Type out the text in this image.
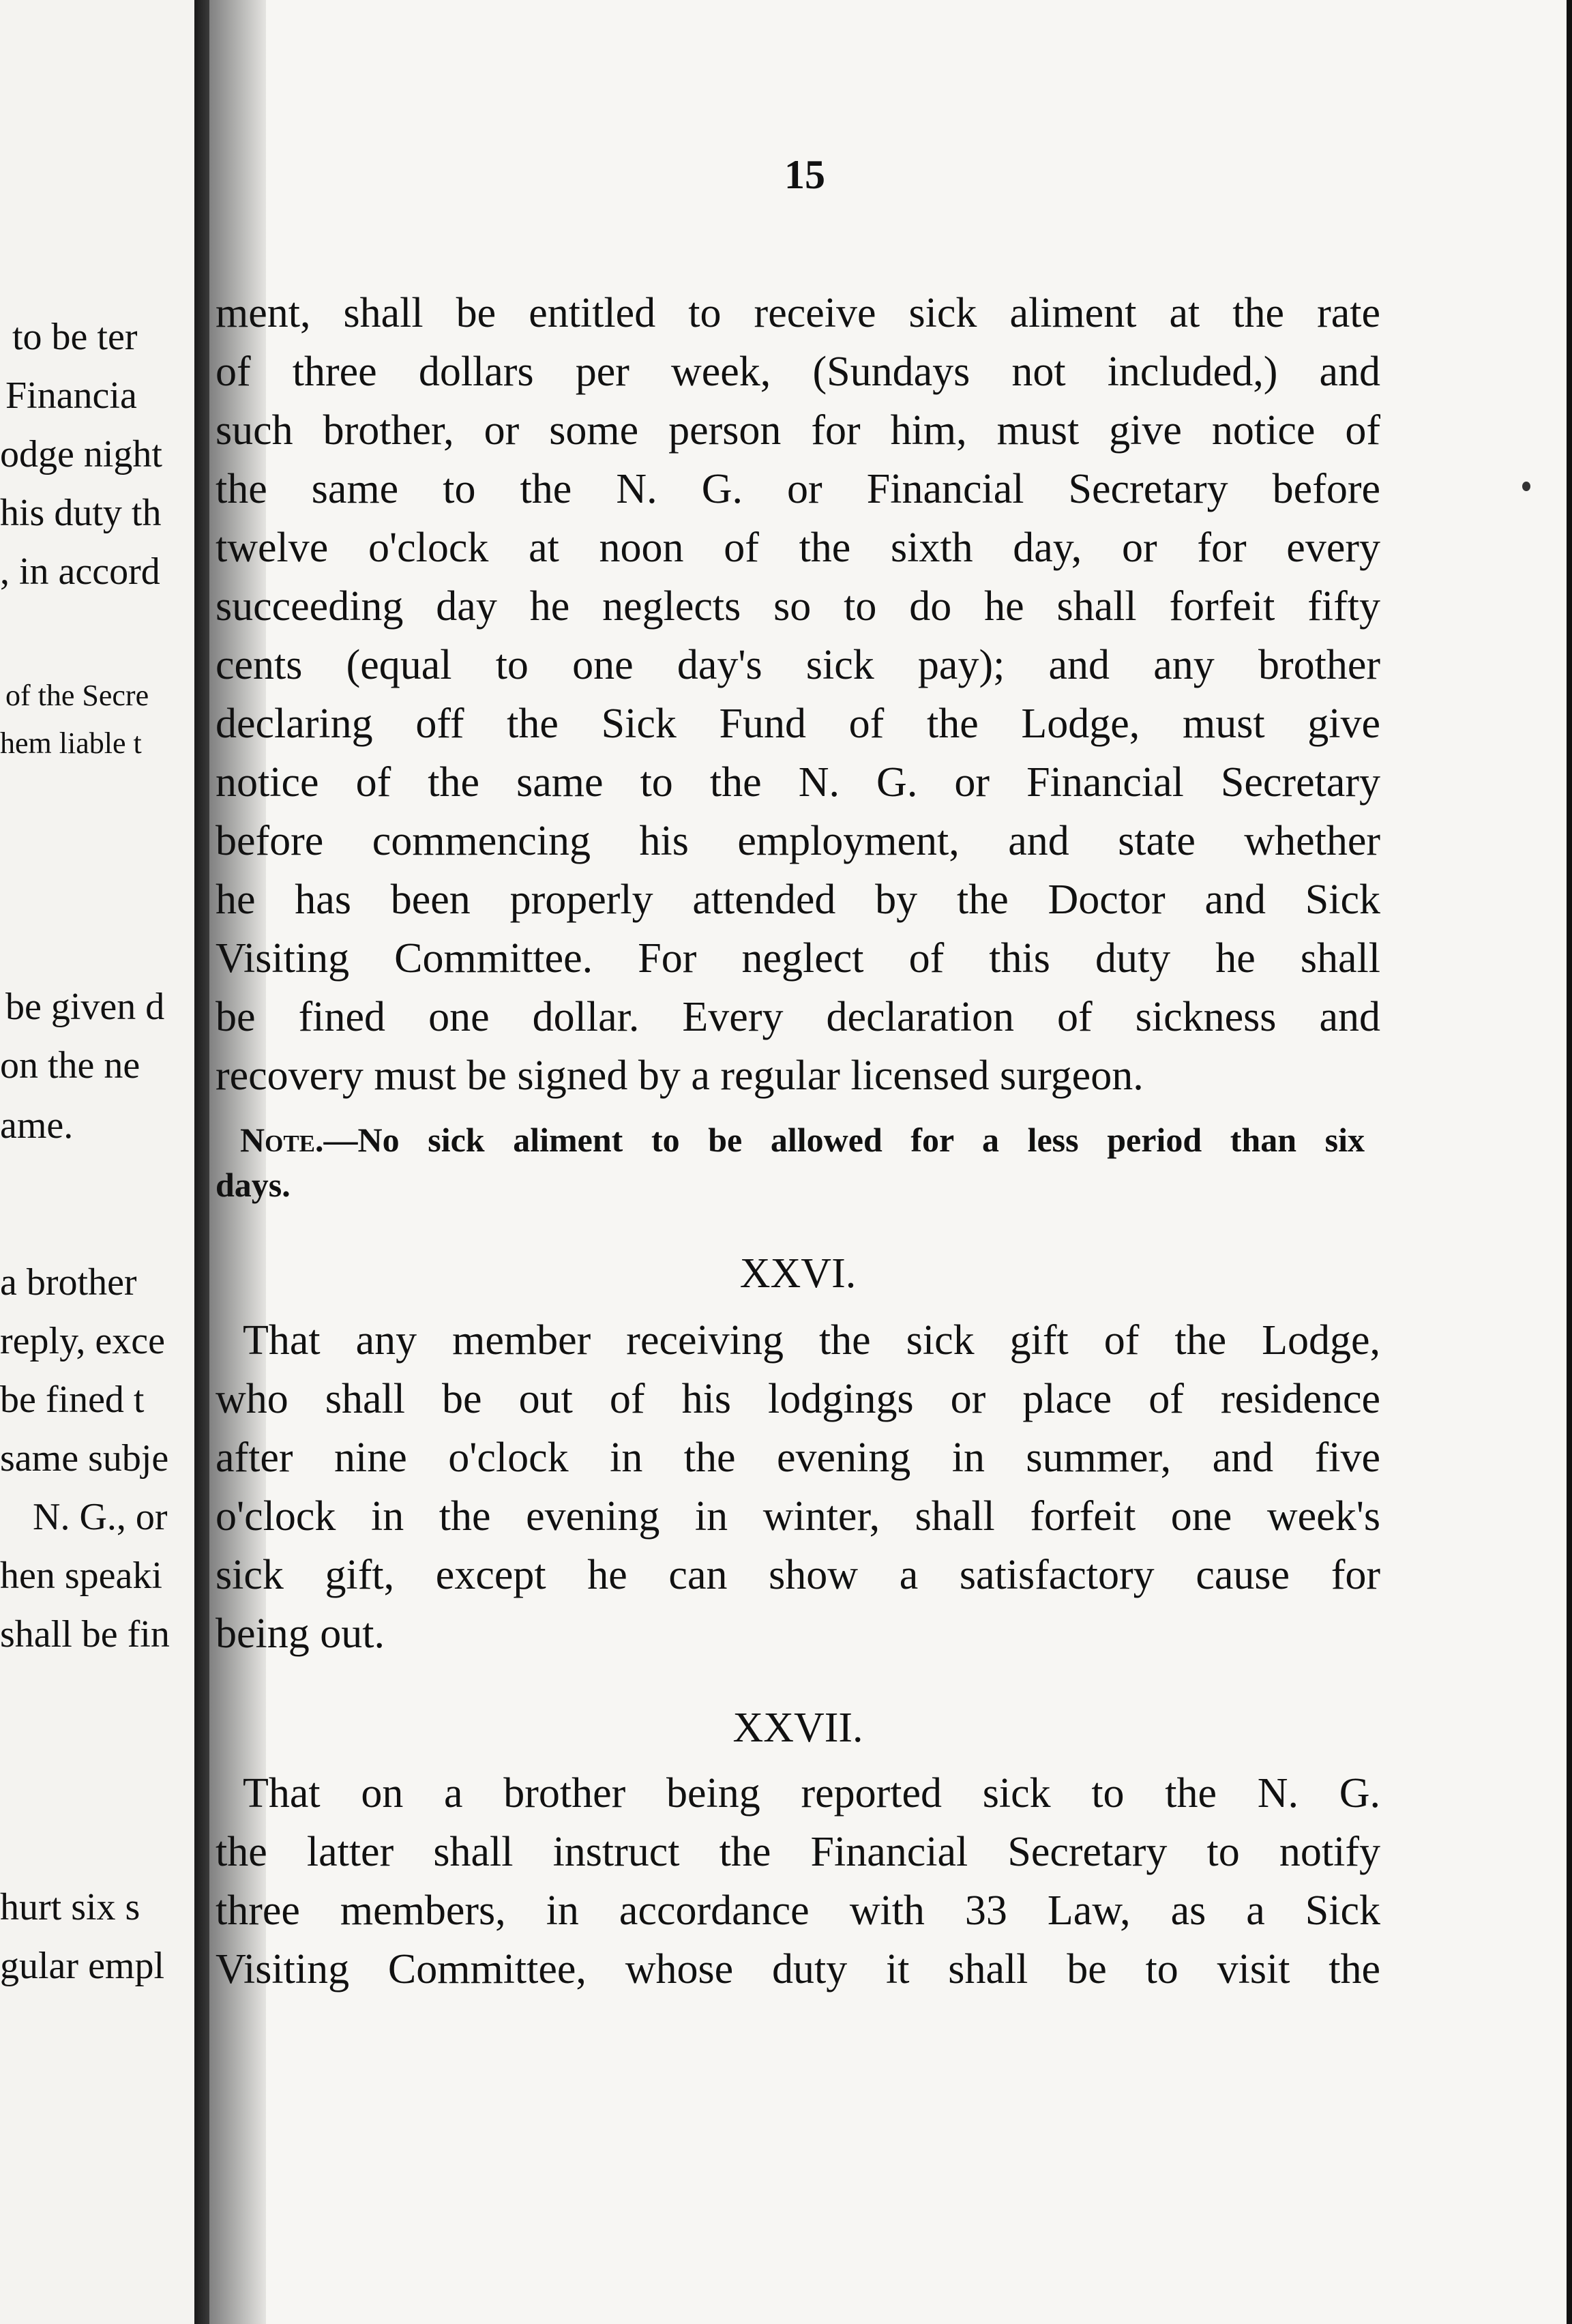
to be ter
Financia
odge night
his duty th
, in accord
of the Secre
hem liable t
be given d
on the ne
ame.
a brother
reply, exce
be fined t
same subje
N. G., or
hen speaki
shall be fin
hurt six s
gular empl
15
ment, shall be entitled to receive sick aliment at the rate
of three dollars per week, (Sundays not included,) and
such brother, or some person for him, must give notice of
the same to the N. G. or Financial Secretary before
twelve o'clock at noon of the sixth day, or for every
succeeding day he neglects so to do he shall forfeit fifty
cents (equal to one day's sick pay); and any brother
declaring off the Sick Fund of the Lodge, must give
notice of the same to the N. G. or Financial Secretary
before commencing his employment, and state whether
he has been properly attended by the Doctor and Sick
Visiting Committee. For neglect of this duty he shall
be fined one dollar. Every declaration of sickness and
recovery must be signed by a regular licensed surgeon.
Note.—No sick aliment to be allowed for a less period than six
days.
XXVI.
That any member receiving the sick gift of the Lodge,
who shall be out of his lodgings or place of residence
after nine o'clock in the evening in summer, and five
o'clock in the evening in winter, shall forfeit one week's
sick gift, except he can show a satisfactory cause for
being out.
XXVII.
That on a brother being reported sick to the N. G.
the latter shall instruct the Financial Secretary to notify
three members, in accordance with 33 Law, as a Sick
Visiting Committee, whose duty it shall be to visit the
